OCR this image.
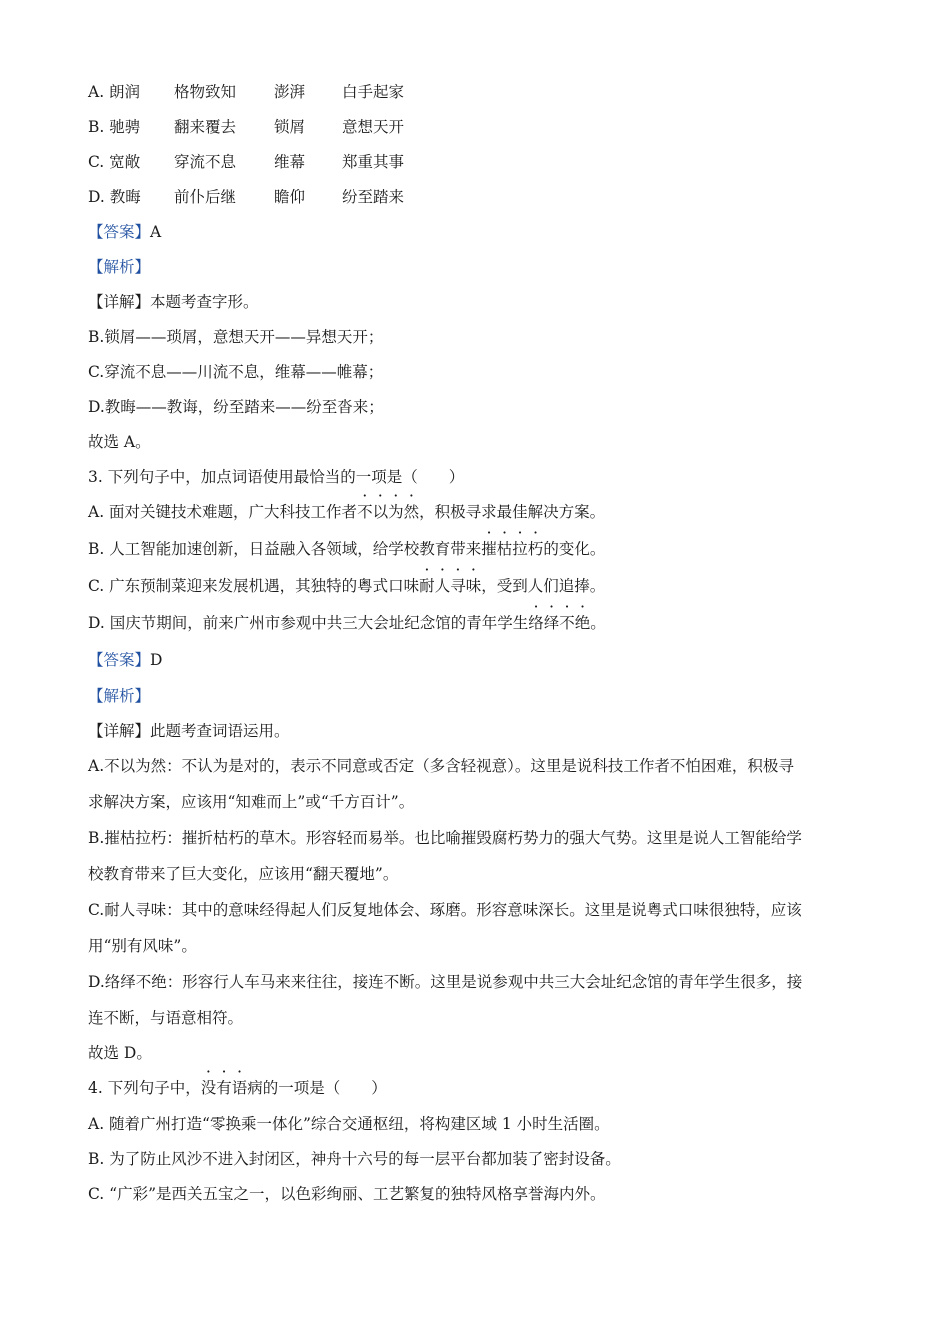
A. 朗润 格物致知 澎湃 白手起家
B. 驰骋 翻来覆去 锁屑 意想天开
C. 宽敞 穿流不息 维幕 郑重其事
D. 教晦 前仆后继 瞻仰 纷至踏来
【答案】A
【解析】
【详解】本题考查字形。
B.锁屑——琐屑，意想天开——异想天开；
C.穿流不息——川流不息，维幕——帷幕；
D.教晦——教诲，纷至踏来——纷至沓来；
故选 A。
3. 下列句子中，加点词语使用最恰当的一项是（　　）
A. 面对关键技术难题，广大科技工作者不以为然，积极寻求最佳解决方案。
B. 人工智能加速创新，日益融入各领域，给学校教育带来摧枯拉朽的变化。
C. 广东预制菜迎来发展机遇，其独特的粤式口味耐人寻味，受到人们追捧。
D. 国庆节期间，前来广州市参观中共三大会址纪念馆的青年学生络绎不绝。
【答案】D
【解析】
【详解】此题考查词语运用。
A.不以为然：不认为是对的，表示不同意或否定（多含轻视意）。这里是说科技工作者不怕困难，积极寻
求解决方案，应该用“知难而上”或“千方百计”。
B.摧枯拉朽：摧折枯朽的草木。形容轻而易举。也比喻摧毁腐朽势力的强大气势。这里是说人工智能给学
校教育带来了巨大变化，应该用“翻天覆地”。
C.耐人寻味：其中的意味经得起人们反复地体会、琢磨。形容意味深长。这里是说粤式口味很独特，应该
用“别有风味”。
D.络绎不绝：形容行人车马来来往往，接连不断。这里是说参观中共三大会址纪念馆的青年学生很多，接
连不断，与语意相符。
故选 D。
4. 下列句子中，没有语病的一项是（　　）
A. 随着广州打造“零换乘一体化”综合交通枢纽，将构建区域 1 小时生活圈。
B. 为了防止风沙不进入封闭区，神舟十六号的每一层平台都加装了密封设备。
C. “广彩”是西关五宝之一，以色彩绚丽、工艺繁复的独特风格享誉海内外。
